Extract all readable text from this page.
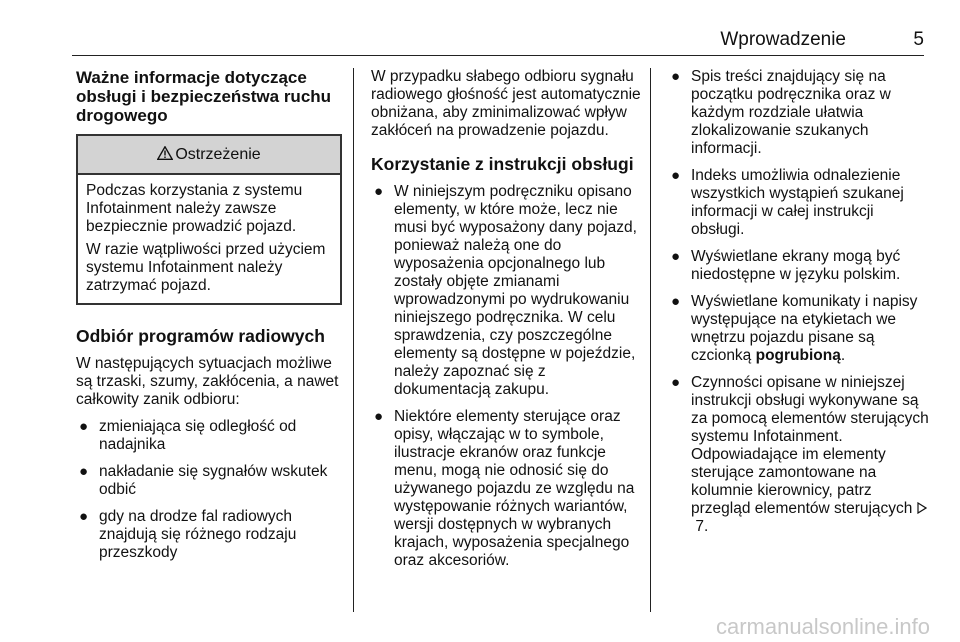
Wprowadzenie	5
Ważne informacje dotyczące obsługi i bezpieczeństwa ruchu drogowego
Ostrzeżenie

Podczas korzystania z systemu Infotainment należy zawsze bezpiecznie prowadzić pojazd.

W razie wątpliwości przed użyciem systemu Infotainment należy zatrzymać pojazd.

Odbiór programów radiowych

W następujących sytuacjach możliwe są trzaski, szumy, zakłócenia, a nawet całkowity zanik odbioru:

● zmieniająca się odległość od nadajnika
● nakładanie się sygnałów wskutek odbić
● gdy na drodze fal radiowych znajdują się różnego rodzaju przeszkody

W przypadku słabego odbioru sygnału radiowego głośność jest automatycznie obniżana, aby zminimalizować wpływ zakłóceń na prowadzenie pojazdu.

Korzystanie z instrukcji obsługi
● W niniejszym podręczniku opisano elementy, w które może, lecz nie musi być wyposażony dany pojazd, ponieważ należą one do wyposażenia opcjonalnego lub zostały objęte zmianami wprowadzonymi po wydrukowaniu niniejszego podręcznika. W celu sprawdzenia, czy poszczególne elementy są dostępne w pojeździe, należy zapoznać się z dokumentacją zakupu.
● Niektóre elementy sterujące oraz opisy, włączając w to symbole, ilustracje ekranów oraz funkcje menu, mogą nie odnosić się do używanego pojazdu ze względu na występowanie różnych wariantów, wersji dostępnych w wybranych krajach, wyposażenia specjalnego oraz akcesoriów.
● Spis treści znajdujący się na początku podręcznika oraz w każdym rozdziale ułatwia zlokalizowanie szukanych informacji.
● Indeks umożliwia odnalezienie wszystkich wystąpień szukanej informacji w całej instrukcji obsługi.
● Wyświetlane ekrany mogą być niedostępne w języku polskim.
● Wyświetlane komunikaty i napisy występujące na etykietach we wnętrzu pojazdu pisane są czcionką pogrubioną.
● Czynności opisane w niniejszej instrukcji obsługi wykonywane są za pomocą elementów sterujących systemu Infotainment. Odpowiadające im elementy sterujące zamontowane na kolumnie kierownicy, patrz przegląd elementów sterujących  7.
carmanualsonline.info
